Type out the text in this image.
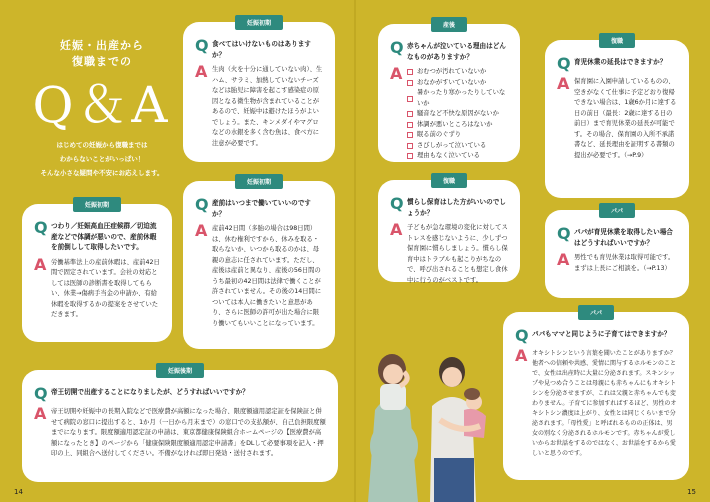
妊娠・出産から
復職までの
Q＆A
はじめての妊娠から復職までは
わからないことがいっぱい！
そんな小さな疑問や不安にお応えします。
妊娠初期
Q 食べてはいけないものはありますか？
A 生肉（火を十分に通していない肉）、生ハム、サラミ、加熱していないチーズなどは胎児に障害を起こす感染症の原因となる微生物が含まれていることがあるので、妊娠中は避けたほうがよいでしょう。また、キンメダイやマグロなどの水銀を多く含む魚は、食べ方に注意が必要です。
産後
Q 赤ちゃんが泣いている理由はどんなものがありますか？
A おむつが汚れていないか
おなかがすいていないか
暑かったり寒かったりしていないか
騒音など不快な原因がないか
体調が悪いところはないか
眠る前のぐずり
さびしがって泣いている
理由もなく泣いている
復職
Q 育児休業の延長はできますか？
A 保育園に入園申請しているものの、空きがなくて仕事に予定どおり復帰できない場合は、1歳6か月に達する日の前日（最長：2歳に達する日の前日）まで育児休業の延長が可能です。その場合、保育園の入所不承諾書など、延長理由を証明する書類の提出が必要です。（→P.9）
妊娠初期
Q つわり／妊娠高血圧症候群／切迫流産などで体調が悪いので、産前休暇を前倒しして取得したいです。
A 労働基準法上の産前休暇は、産前42日間で固定されています。会社の対応としては医師の診断書を取得してもらい、休業→傷病手当金の申請か、有給休暇を取得するかの提案をさせていただきます。
妊娠初期
Q 産前はいつまで働いていいのですか？
A 産前42日間（多胎の場合は98日間）は、休む権利ですから、休みを取る・取らないか、いつから取るのかは、母親の意志に任されています。ただし、産後は産前と異なり、産後の56日間のうち最初の42日間は法律で働くことが許されていません。その後の14日間については本人に働きたいと意思があり、さらに医師の許可が出た場合に限り働いてもいいことになっています。
復職
Q 慣らし保育はした方がいいのでしょうか？
A 子どもが急な環境の変化に対してストレスを感じないように、少しずつ保育園に慣らしましょう。慣らし保育中はトラブルも起こりがちなので、呼び出されることも想定し食休中に行うのがベストです。
パパ
Q パパが育児休業を取得したい場合はどうすればいいですか？
A 男性でも育児休業は取得可能です。まずは上長にご相談を。（→P.13）
パパ
Q パパもママと同じように子育てはできますか？
A オキシトシンという言葉を聞いたことがありますか？他者への信頼や共感、愛情に関与するホルモンのことで、女性は出産時に大量に分泌されます。スキンシップや見つめ合うことは母親にも赤ちゃんにもオキシトシンを分泌させますが、これは父親と赤ちゃんでも変わりません。子育てに参加すればするほど、男性のオキシトシン濃度は上がり、女性とは同じくらいまで分泌されます。「母性愛」と呼ばれるものの正体は、男女の別なく分泌されるホルモンです。赤ちゃんが愛しいからお世話をするのではなく、お世話をするから愛しいと思うのです。
妊娠後期
Q 帝王切開で出産することになりましたが、どうすればいいですか？
A 帝王切開や妊娠中の長期入院などで医療費が高額になった場合、限度額適用認定証を保険証と併せて病院の窓口に提出すると、1か月（一日から月末まで）の窓口での支払額が、自己負担限度額までになります。限度額適用認定証の申請は、東京都健康保険組合ホームページの【医療費が高額になったとき】のページから「健康保険限度額適用認定申請書」をDLして必要事項を記入・押印の上、同組合へ送付してください。不備がなければ即日発効・送付されます。
14	15
